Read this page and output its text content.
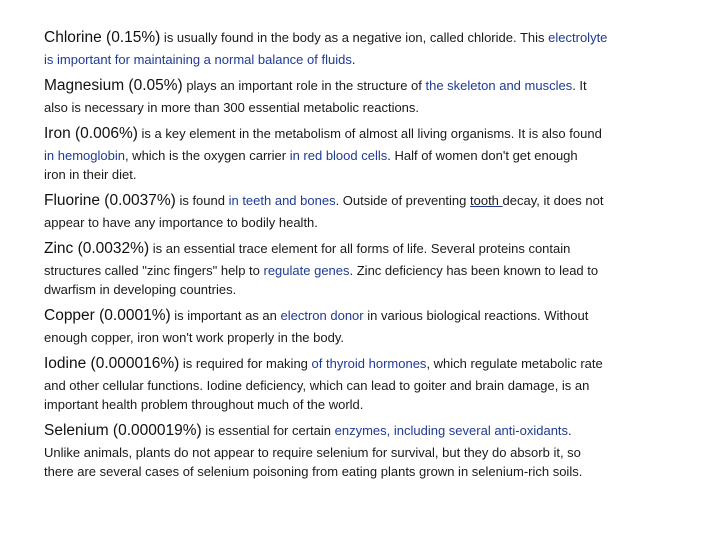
Chlorine (0.15%) is usually found in the body as a negative ion, called chloride. This electrolyte
is important for maintaining a normal balance of fluids.
Magnesium (0.05%) plays an important role in the structure of the skeleton and muscles. It
also is necessary in more than 300 essential metabolic reactions.
Iron (0.006%) is a key element in the metabolism of almost all living organisms. It is also found
in hemoglobin, which is the oxygen carrier in red blood cells. Half of women don't get enough
iron in their diet.
Fluorine (0.0037%) is found in teeth and bones. Outside of preventing tooth decay, it does not
appear to have any importance to bodily health.
Zinc (0.0032%) is an essential trace element for all forms of life. Several proteins contain
structures called "zinc fingers" help to regulate genes. Zinc deficiency has been known to lead to
dwarfism in developing countries.
Copper (0.0001%) is important as an electron donor in various biological reactions. Without
enough copper, iron won't work properly in the body.
Iodine (0.000016%) is required for making of thyroid hormones, which regulate metabolic rate
and other cellular functions. Iodine deficiency, which can lead to goiter and brain damage, is an
important health problem throughout much of the world.
Selenium (0.000019%) is essential for certain enzymes, including several anti-oxidants.
Unlike animals, plants do not appear to require selenium for survival, but they do absorb it, so
there are several cases of selenium poisoning from eating plants grown in selenium-rich soils.
